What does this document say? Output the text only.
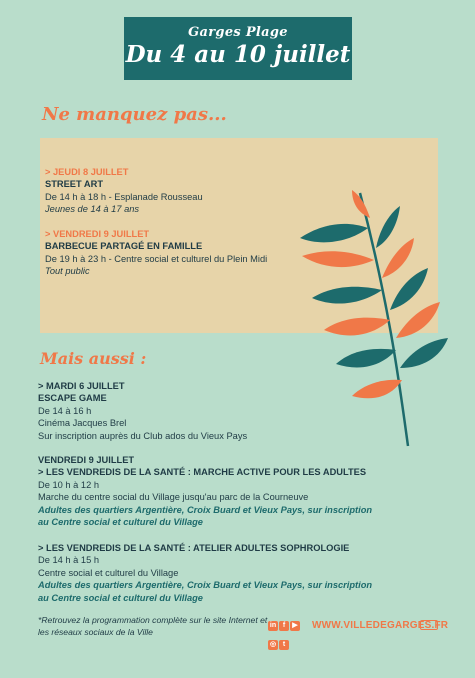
Garges Plage
Du 4 au 10 juillet
Ne manquez pas...
> JEUDI 8 JUILLET
STREET ART
De 14 h à 18 h - Esplanade Rousseau
Jeunes de 14 à 17 ans
> VENDREDI 9 JUILLET
BARBECUE PARTAGÉ EN FAMILLE
De 19 h à 23 h - Centre social et culturel du Plein Midi
Tout public
Mais aussi :
> MARDI 6 JUILLET
ESCAPE GAME
De 14 à 16 h
Cinéma Jacques Brel
Sur inscription auprès du Club ados du Vieux Pays
VENDREDI 9 JUILLET
> LES VENDREDIS DE LA SANTÉ : MARCHE ACTIVE POUR LES ADULTES
De 10 h à 12 h
Marche du centre social du Village jusqu'au parc de la Courneuve
Adultes des quartiers Argentière, Croix Buard et Vieux Pays, sur inscription
au Centre social et culturel du Village
> LES VENDREDIS DE LA SANTÉ : ATELIER ADULTES SOPHROLOGIE
De 14 h à 15 h
Centre social et culturel du Village
Adultes des quartiers Argentière, Croix Buard et Vieux Pays, sur inscription
au Centre social et culturel du Village
*Retrouvez la programmation complète sur le site Internet et les réseaux sociaux de la Ville
in f ▶
◎ t
WWW.VILLEDEGARGES.FR
